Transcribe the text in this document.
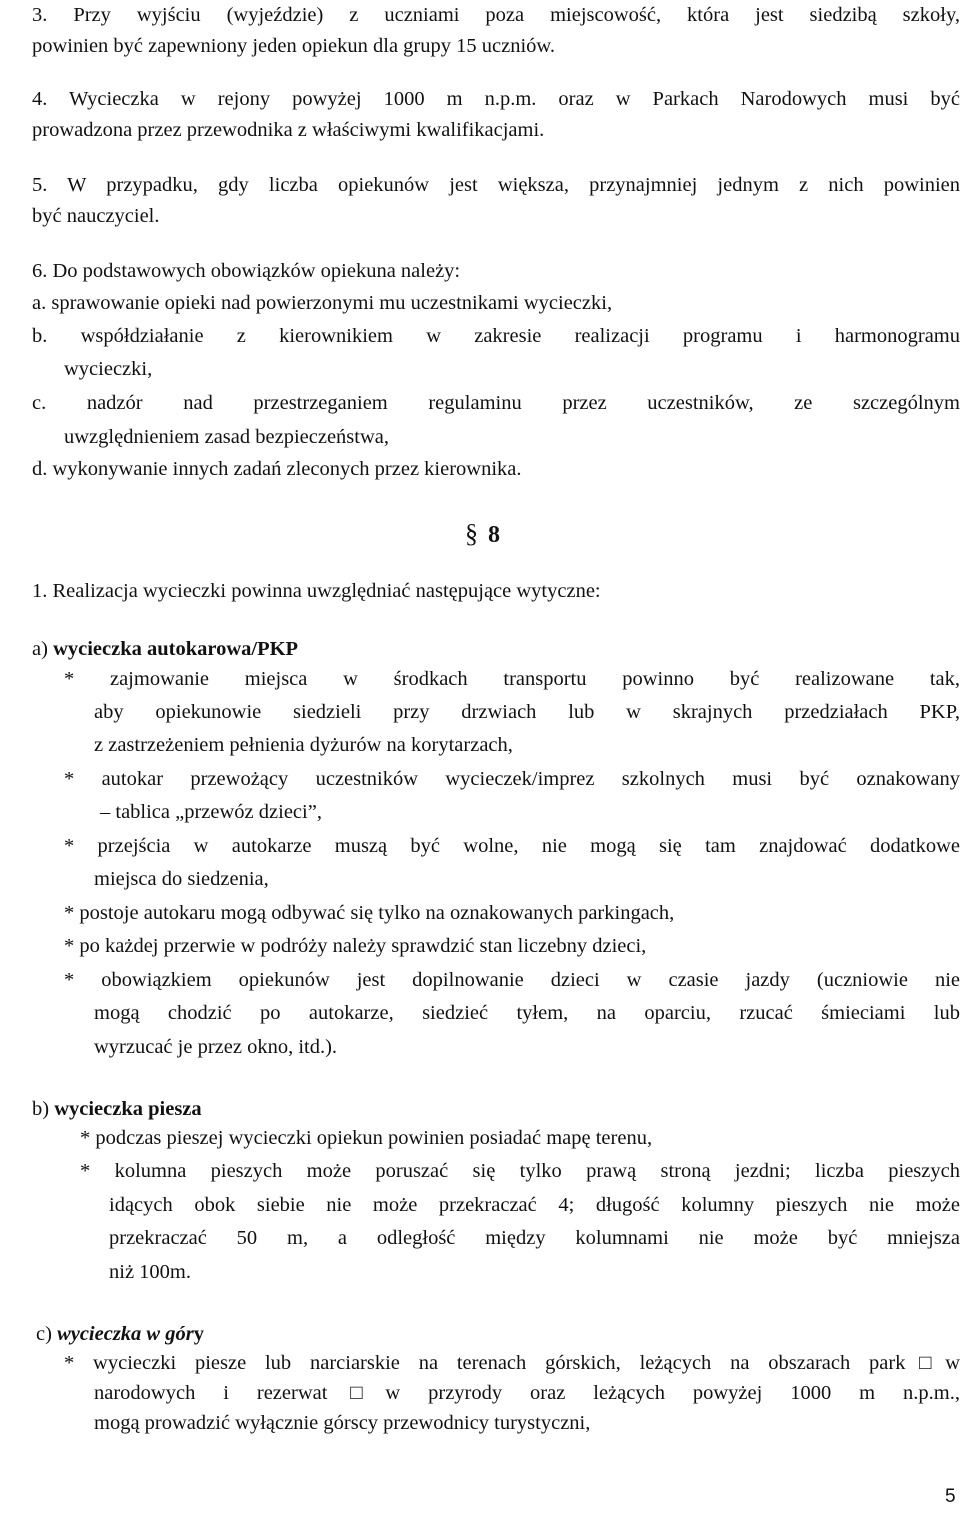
3. Przy wyjściu (wyjeździe) z uczniami poza miejscowość, która jest siedzibą szkoły,
powinien być zapewniony jeden opiekun dla grupy 15 uczniów.
4. Wycieczka w rejony powyżej 1000 m n.p.m. oraz w Parkach Narodowych musi być
prowadzona przez przewodnika z właściwymi kwalifikacjami.
5. W przypadku, gdy liczba opiekunów jest większa, przynajmniej jednym z nich powinien
być nauczyciel.
6. Do podstawowych obowiązków opiekuna należy:
a. sprawowanie opieki nad powierzonymi mu uczestnikami wycieczki,
b. współdziałanie z kierownikiem w zakresie realizacji programu i harmonogramu
wycieczki,
c. nadzór nad przestrzeganiem regulaminu przez uczestników, ze szczególnym
uwzględnieniem zasad bezpieczeństwa,
d. wykonywanie innych zadań zleconych przez kierownika.
§ 8
1. Realizacja wycieczki powinna uwzględniać następujące wytyczne:
a) wycieczka autokarowa/PKP
* zajmowanie miejsca w środkach transportu powinno być realizowane tak,
aby opiekunowie siedzieli przy drzwiach lub w skrajnych przedziałach PKP,
z zastrzeżeniem pełnienia dyżurów na korytarzach,
* autokar przewożący uczestników wycieczek/imprez szkolnych musi być oznakowany
– tablica „przewóz dzieci”,
* przejścia w autokarze muszą być wolne, nie mogą się tam znajdować dodatkowe
miejsca do siedzenia,
* postoje autokaru mogą odbywać się tylko na oznakowanych parkingach,
* po każdej przerwie w podróży należy sprawdzić stan liczebny dzieci,
* obowiązkiem opiekunów jest dopilnowanie dzieci w czasie jazdy (uczniowie nie
mogą chodzić po autokarze, siedzieć tyłem, na oparciu, rzucać śmieciami lub
wyrzucać je przez okno, itd.).
b) wycieczka piesza
* podczas pieszej wycieczki opiekun powinien posiadać mapę terenu,
* kolumna pieszych może poruszać się tylko prawą stroną jezdni; liczba pieszych
idących obok siebie nie może przekraczać 4; długość kolumny pieszych nie może
przekraczać 50 m, a odległość między kolumnami nie może być mniejsza
niż 100m.
c) wycieczka w góry
* wycieczki piesze lub narciarskie na terenach górskich, leżących na obszarach park□w
narodowych i rezerwat□w przyrody oraz leżących powyżej 1000 m n.p.m.,
mogą prowadzić wyłącznie górscy przewodnicy turystyczni,
5
